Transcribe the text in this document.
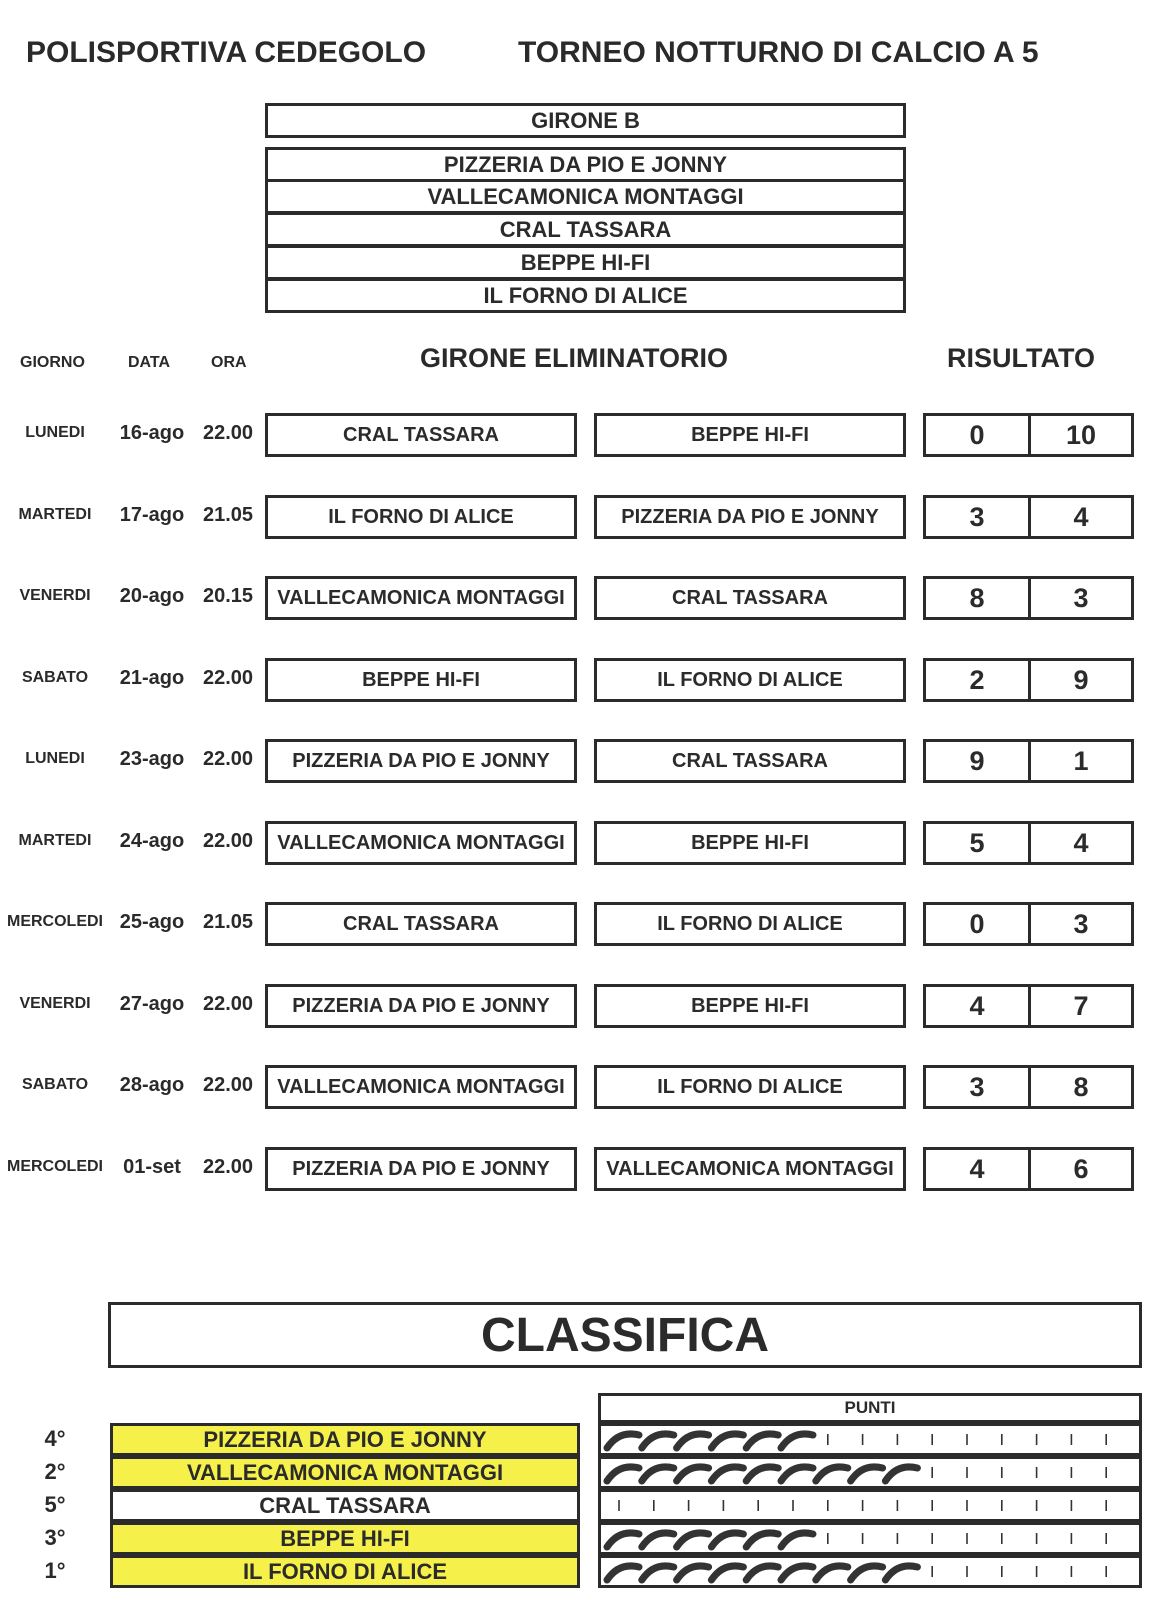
POLISPORTIVA CEDEGOLO	TORNEO NOTTURNO DI CALCIO A 5
GIRONE B
PIZZERIA DA PIO E JONNY
VALLECAMONICA MONTAGGI
CRAL TASSARA
BEPPE HI-FI
IL FORNO DI ALICE
GIORNO	DATA	ORA	GIRONE ELIMINATORIO	RISULTATO
LUNEDI	16-ago 22.00	CRAL TASSARA	BEPPE HI-FI	0	10
MARTEDI	17-ago 21.05	IL FORNO DI ALICE	PIZZERIA DA PIO E JONNY	3	4
VENERDI	20-ago 20.15	VALLECAMONICA MONTAGGI	CRAL TASSARA	8	3
SABATO	21-ago 22.00	BEPPE HI-FI	IL FORNO DI ALICE	2	9
LUNEDI	23-ago 22.00	PIZZERIA DA PIO E JONNY	CRAL TASSARA	9	1
MARTEDI	24-ago 22.00	VALLECAMONICA MONTAGGI	BEPPE HI-FI	5	4
MERCOLEDI 25-ago 21.05	CRAL TASSARA	IL FORNO DI ALICE	0	3
VENERDI	27-ago 22.00	PIZZERIA DA PIO E JONNY	BEPPE HI-FI	4	7
SABATO	28-ago 22.00	VALLECAMONICA MONTAGGI	IL FORNO DI ALICE	3	8
MERCOLEDI	01-set	22.00	PIZZERIA DA PIO E JONNY	VALLECAMONICA MONTAGGI	4	6
CLASSIFICA
PUNTI
4°	PIZZERIA DA PIO E JONNY
2°	VALLECAMONICA MONTAGGI
5°	CRAL TASSARA
3°	BEPPE HI-FI
1°	IL FORNO DI ALICE
